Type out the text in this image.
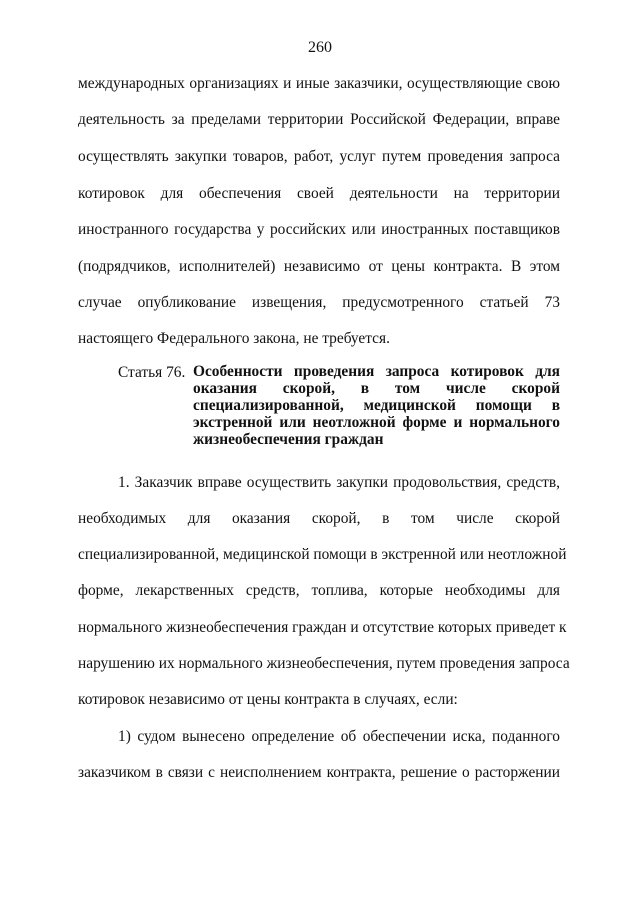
260
международных организациях и иные заказчики, осуществляющие свою
деятельность за пределами территории Российской Федерации, вправе
осуществлять закупки товаров, работ, услуг путем проведения запроса
котировок для обеспечения своей деятельности на территории
иностранного государства у российских или иностранных поставщиков
(подрядчиков, исполнителей) независимо от цены контракта. В этом
случае опубликование извещения, предусмотренного статьей 73
настоящего Федерального закона, не требуется.
Статья 76. Особенности проведения запроса котировок для
оказания скорой, в том числе скорой
специализированной, медицинской помощи в
экстренной или неотложной форме и нормального
жизнеобеспечения граждан
1. Заказчик вправе осуществить закупки продовольствия, средств,
необходимых для оказания скорой, в том числе скорой
специализированной, медицинской помощи в экстренной или неотложной
форме, лекарственных средств, топлива, которые необходимы для
нормального жизнеобеспечения граждан и отсутствие которых приведет к
нарушению их нормального жизнеобеспечения, путем проведения запроса
котировок независимо от цены контракта в случаях, если:
1) судом вынесено определение об обеспечении иска, поданного
заказчиком в связи с неисполнением контракта, решение о расторжении
